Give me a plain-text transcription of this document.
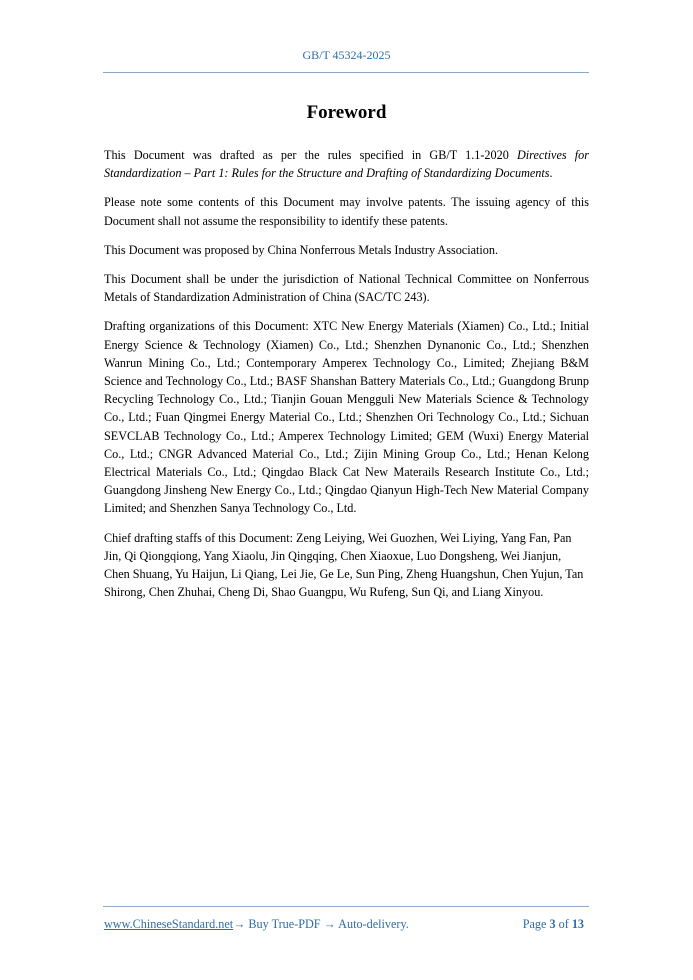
GB/T 45324-2025
Foreword

This Document was drafted as per the rules specified in GB/T 1.1-2020 Directives for Standardization – Part 1: Rules for the Structure and Drafting of Standardizing Documents.

Please note some contents of this Document may involve patents. The issuing agency of this Document shall not assume the responsibility to identify these patents.

This Document was proposed by China Nonferrous Metals Industry Association.

This Document shall be under the jurisdiction of National Technical Committee on Nonferrous Metals of Standardization Administration of China (SAC/TC 243).

Drafting organizations of this Document: XTC New Energy Materials (Xiamen) Co., Ltd.; Initial Energy Science & Technology (Xiamen) Co., Ltd.; Shenzhen Dynanonic Co., Ltd.; Shenzhen Wanrun Mining Co., Ltd.; Contemporary Amperex Technology Co., Limited; Zhejiang B&M Science and Technology Co., Ltd.; BASF Shanshan Battery Materials Co., Ltd.; Guangdong Brunp Recycling Technology Co., Ltd.; Tianjin Gouan Mengguli New Materials Science & Technology Co., Ltd.; Fuan Qingmei Energy Material Co., Ltd.; Shenzhen Ori Technology Co., Ltd.; Sichuan SEVCLAB Technology Co., Ltd.; Amperex Technology Limited; GEM (Wuxi) Energy Material Co., Ltd.; CNGR Advanced Material Co., Ltd.; Zijin Mining Group Co., Ltd.; Henan Kelong Electrical Materials Co., Ltd.; Qingdao Black Cat New Materails Research Institute Co., Ltd.; Guangdong Jinsheng New Energy Co., Ltd.; Qingdao Qianyun High-Tech New Material Company Limited; and Shenzhen Sanya Technology Co., Ltd.

Chief drafting staffs of this Document: Zeng Leiying, Wei Guozhen, Wei Liying, Yang Fan, Pan Jin, Qi Qiongqiong, Yang Xiaolu, Jin Qingqing, Chen Xiaoxue, Luo Dongsheng, Wei Jianjun, Chen Shuang, Yu Haijun, Li Qiang, Lei Jie, Ge Le, Sun Ping, Zheng Huangshun, Chen Yujun, Tan Shirong, Chen Zhuhai, Cheng Di, Shao Guangpu, Wu Rufeng, Sun Qi, and Liang Xinyou.

www.ChineseStandard.net→ Buy True-PDF → Auto-delivery.	Page 3 of 13
